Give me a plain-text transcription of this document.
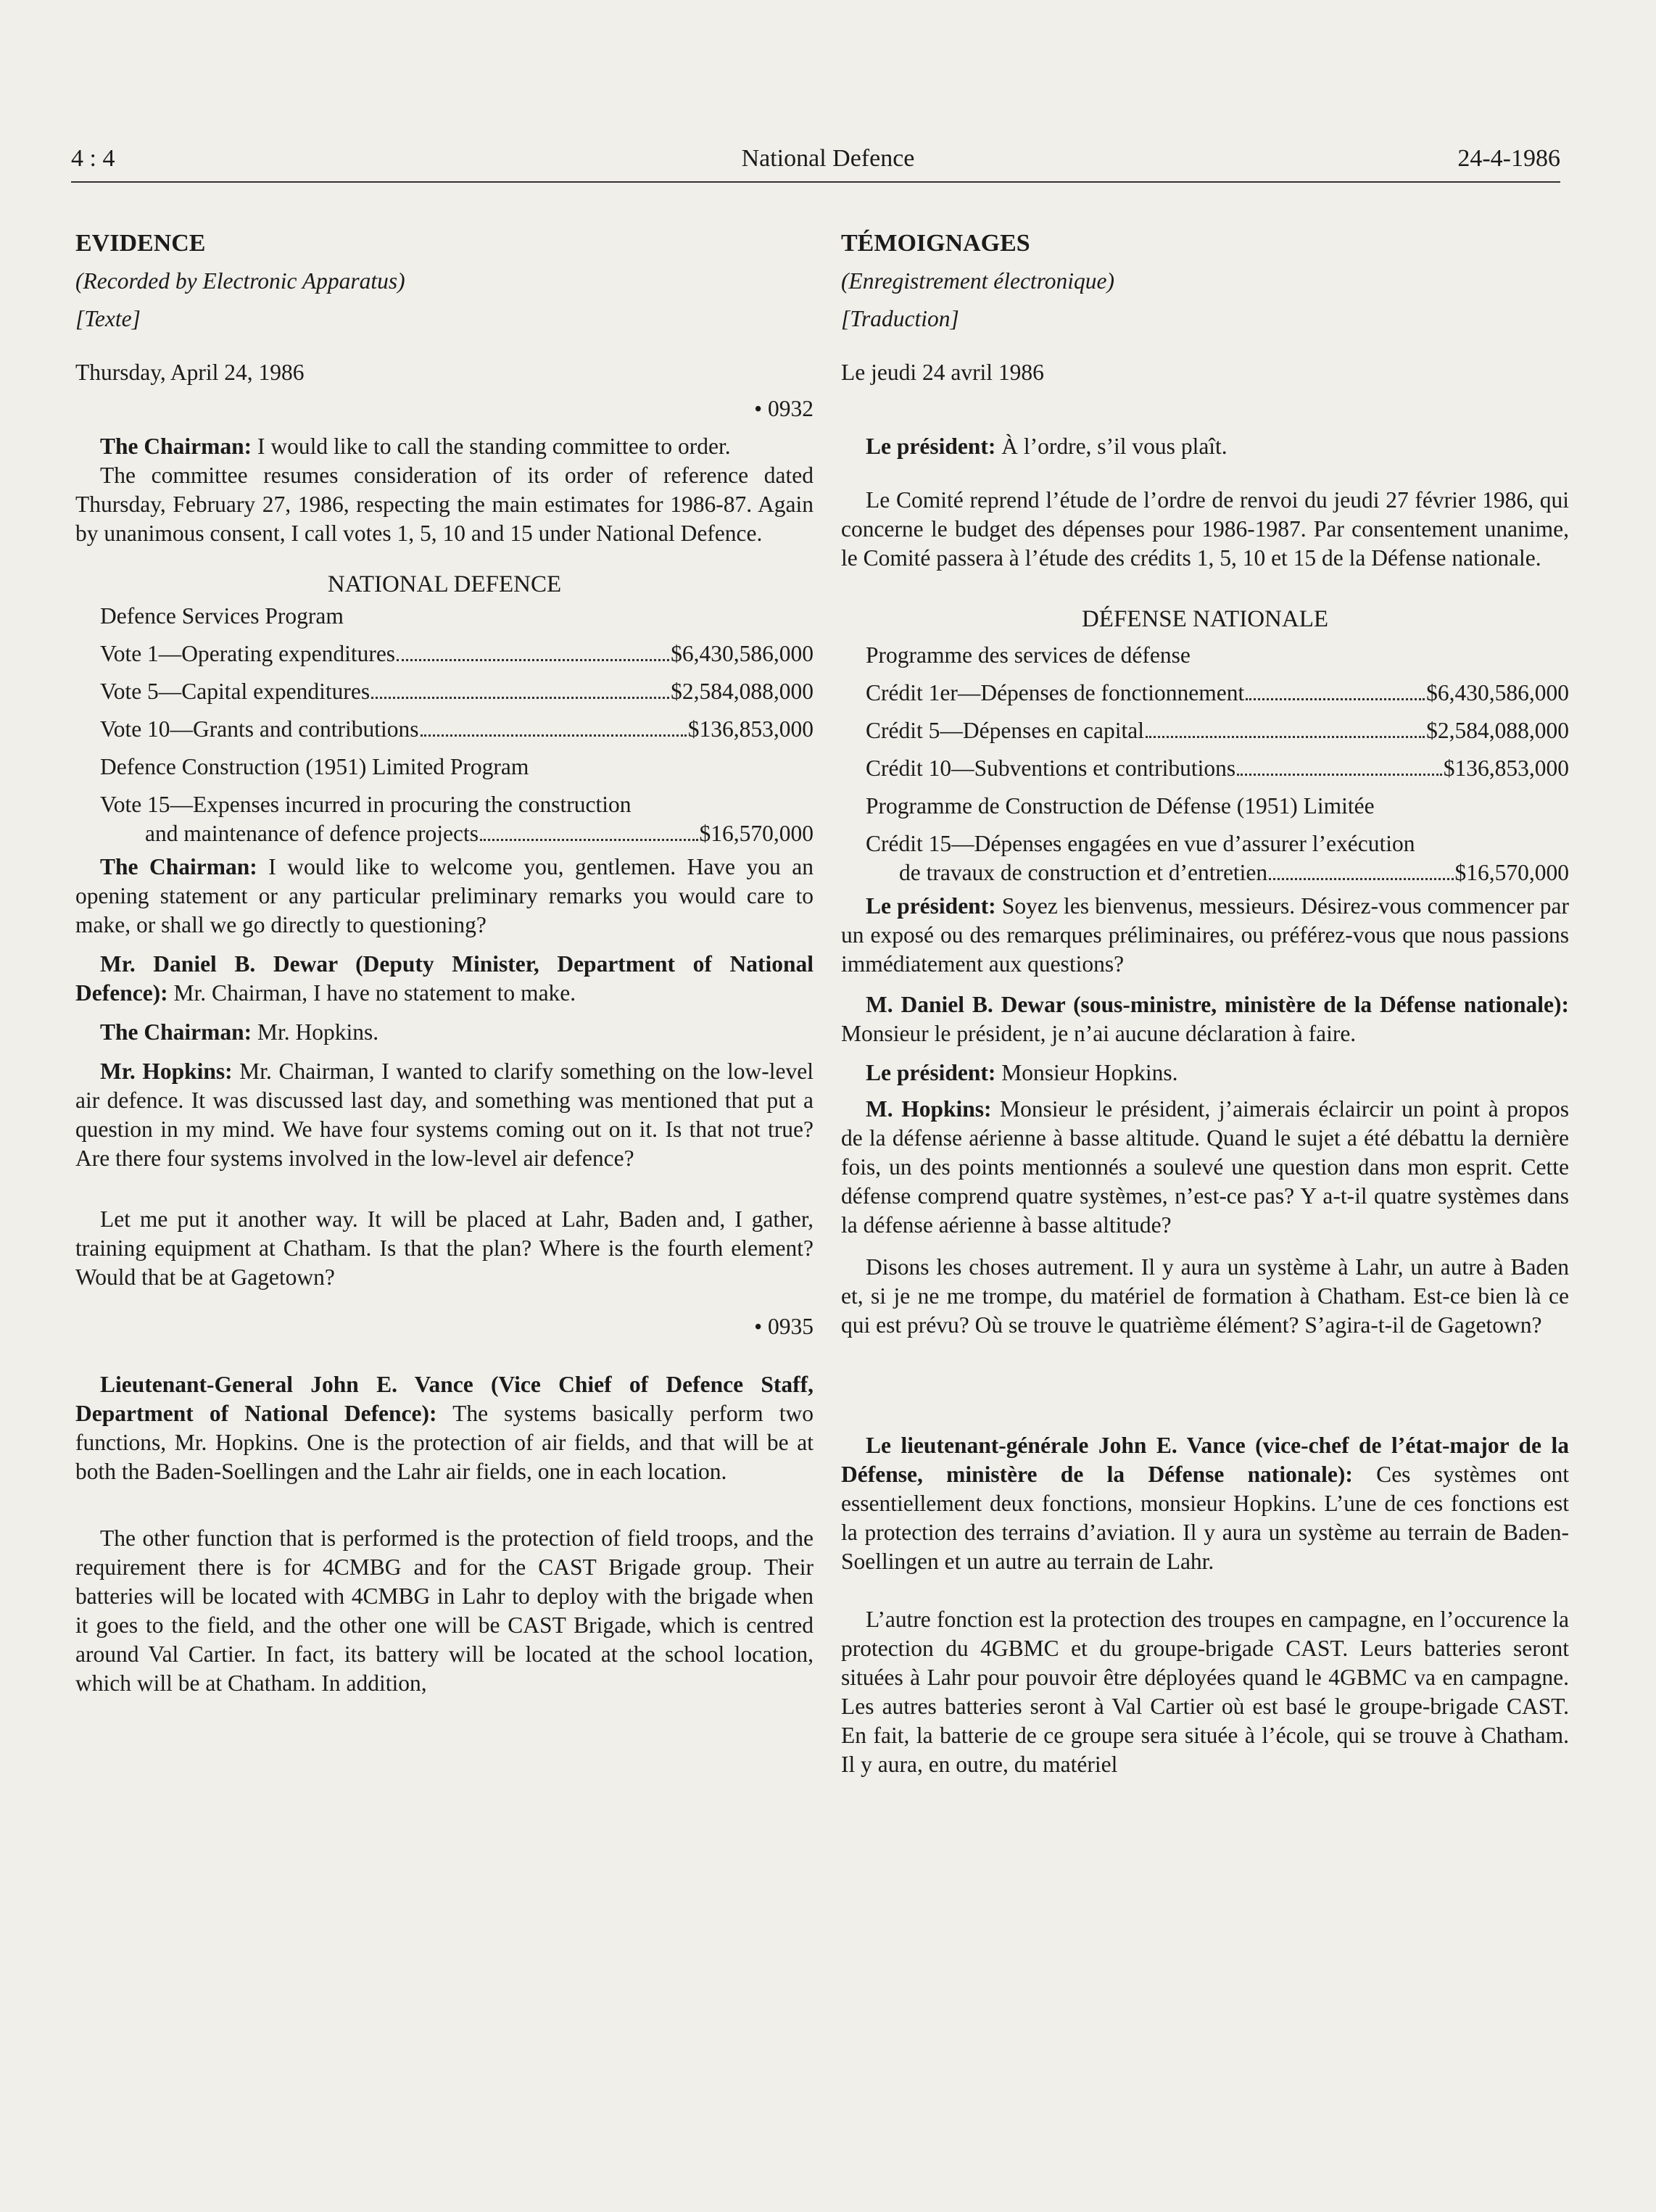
4 : 4	National Defence	24-4-1986

EVIDENCE

(Recorded by Electronic Apparatus)

[Texte]

Thursday, April 24, 1986

• 0932

The Chairman: I would like to call the standing committee to order.

The committee resumes consideration of its order of reference dated Thursday, February 27, 1986, respecting the main estimates for 1986-87. Again by unanimous consent, I call votes 1, 5, 10 and 15 under National Defence.

NATIONAL DEFENCE

Defence Services Program

Vote 1—Operating expenditures	$6,430,586,000
Vote 5—Capital expenditures	$2,584,088,000
Vote 10—Grants and contributions	$136,853,000

Defence Construction (1951) Limited Program

Vote 15—Expenses incurred in procuring the construction

and maintenance of defence projects	$16,570,000

The Chairman: I would like to welcome you, gentlemen. Have you an opening statement or any particular preliminary remarks you would care to make, or shall we go directly to questioning?

Mr. Daniel B. Dewar (Deputy Minister, Department of National Defence): Mr. Chairman, I have no statement to make.

The Chairman: Mr. Hopkins.

Mr. Hopkins: Mr. Chairman, I wanted to clarify something on the low-level air defence. It was discussed last day, and something was mentioned that put a question in my mind. We have four systems coming out on it. Is that not true? Are there four systems involved in the low-level air defence?

Let me put it another way. It will be placed at Lahr, Baden and, I gather, training equipment at Chatham. Is that the plan? Where is the fourth element? Would that be at Gagetown?

• 0935

Lieutenant-General John E. Vance (Vice Chief of Defence Staff, Department of National Defence): The systems basically perform two functions, Mr. Hopkins. One is the protection of air fields, and that will be at both the Baden-Soellingen and the Lahr air fields, one in each location.

The other function that is performed is the protection of field troops, and the requirement there is for 4CMBG and for the CAST Brigade group. Their batteries will be located with 4CMBG in Lahr to deploy with the brigade when it goes to the field, and the other one will be CAST Brigade, which is centred around Val Cartier. In fact, its battery will be located at the school location, which will be at Chatham. In addition,

TÉMOIGNAGES

(Enregistrement électronique)

[Traduction]

Le jeudi 24 avril 1986

Le président: À l’ordre, s’il vous plaît.

Le Comité reprend l’étude de l’ordre de renvoi du jeudi 27 février 1986, qui concerne le budget des dépenses pour 1986-1987. Par consentement unanime, le Comité passera à l’étude des crédits 1, 5, 10 et 15 de la Défense nationale.

DÉFENSE NATIONALE

Programme des services de défense

Crédit 1er—Dépenses de fonctionnement	$6,430,586,000
Crédit 5—Dépenses en capital	$2,584,088,000
Crédit 10—Subventions et contributions	$136,853,000

Programme de Construction de Défense (1951) Limitée

Crédit 15—Dépenses engagées en vue d’assurer l’exécution

de travaux de construction et d’entretien	$16,570,000

Le président: Soyez les bienvenus, messieurs. Désirez-vous commencer par un exposé ou des remarques préliminaires, ou préférez-vous que nous passions immédiatement aux questions?

M. Daniel B. Dewar (sous-ministre, ministère de la Défense nationale): Monsieur le président, je n’ai aucune déclaration à faire.

Le président: Monsieur Hopkins.

M. Hopkins: Monsieur le président, j’aimerais éclaircir un point à propos de la défense aérienne à basse altitude. Quand le sujet a été débattu la dernière fois, un des points mentionnés a soulevé une question dans mon esprit. Cette défense comprend quatre systèmes, n’est-ce pas? Y a-t-il quatre systèmes dans la défense aérienne à basse altitude?

Disons les choses autrement. Il y aura un système à Lahr, un autre à Baden et, si je ne me trompe, du matériel de formation à Chatham. Est-ce bien là ce qui est prévu? Où se trouve le quatrième élément? S’agira-t-il de Gagetown?

Le lieutenant-générale John E. Vance (vice-chef de l’état-major de la Défense, ministère de la Défense nationale): Ces systèmes ont essentiellement deux fonctions, monsieur Hopkins. L’une de ces fonctions est la protection des terrains d’aviation. Il y aura un système au terrain de Baden-Soellingen et un autre au terrain de Lahr.

L’autre fonction est la protection des troupes en campagne, en l’occurence la protection du 4GBMC et du groupe-brigade CAST. Leurs batteries seront situées à Lahr pour pouvoir être déployées quand le 4GBMC va en campagne. Les autres batteries seront à Val Cartier où est basé le groupe-brigade CAST. En fait, la batterie de ce groupe sera située à l’école, qui se trouve à Chatham. Il y aura, en outre, du matériel
